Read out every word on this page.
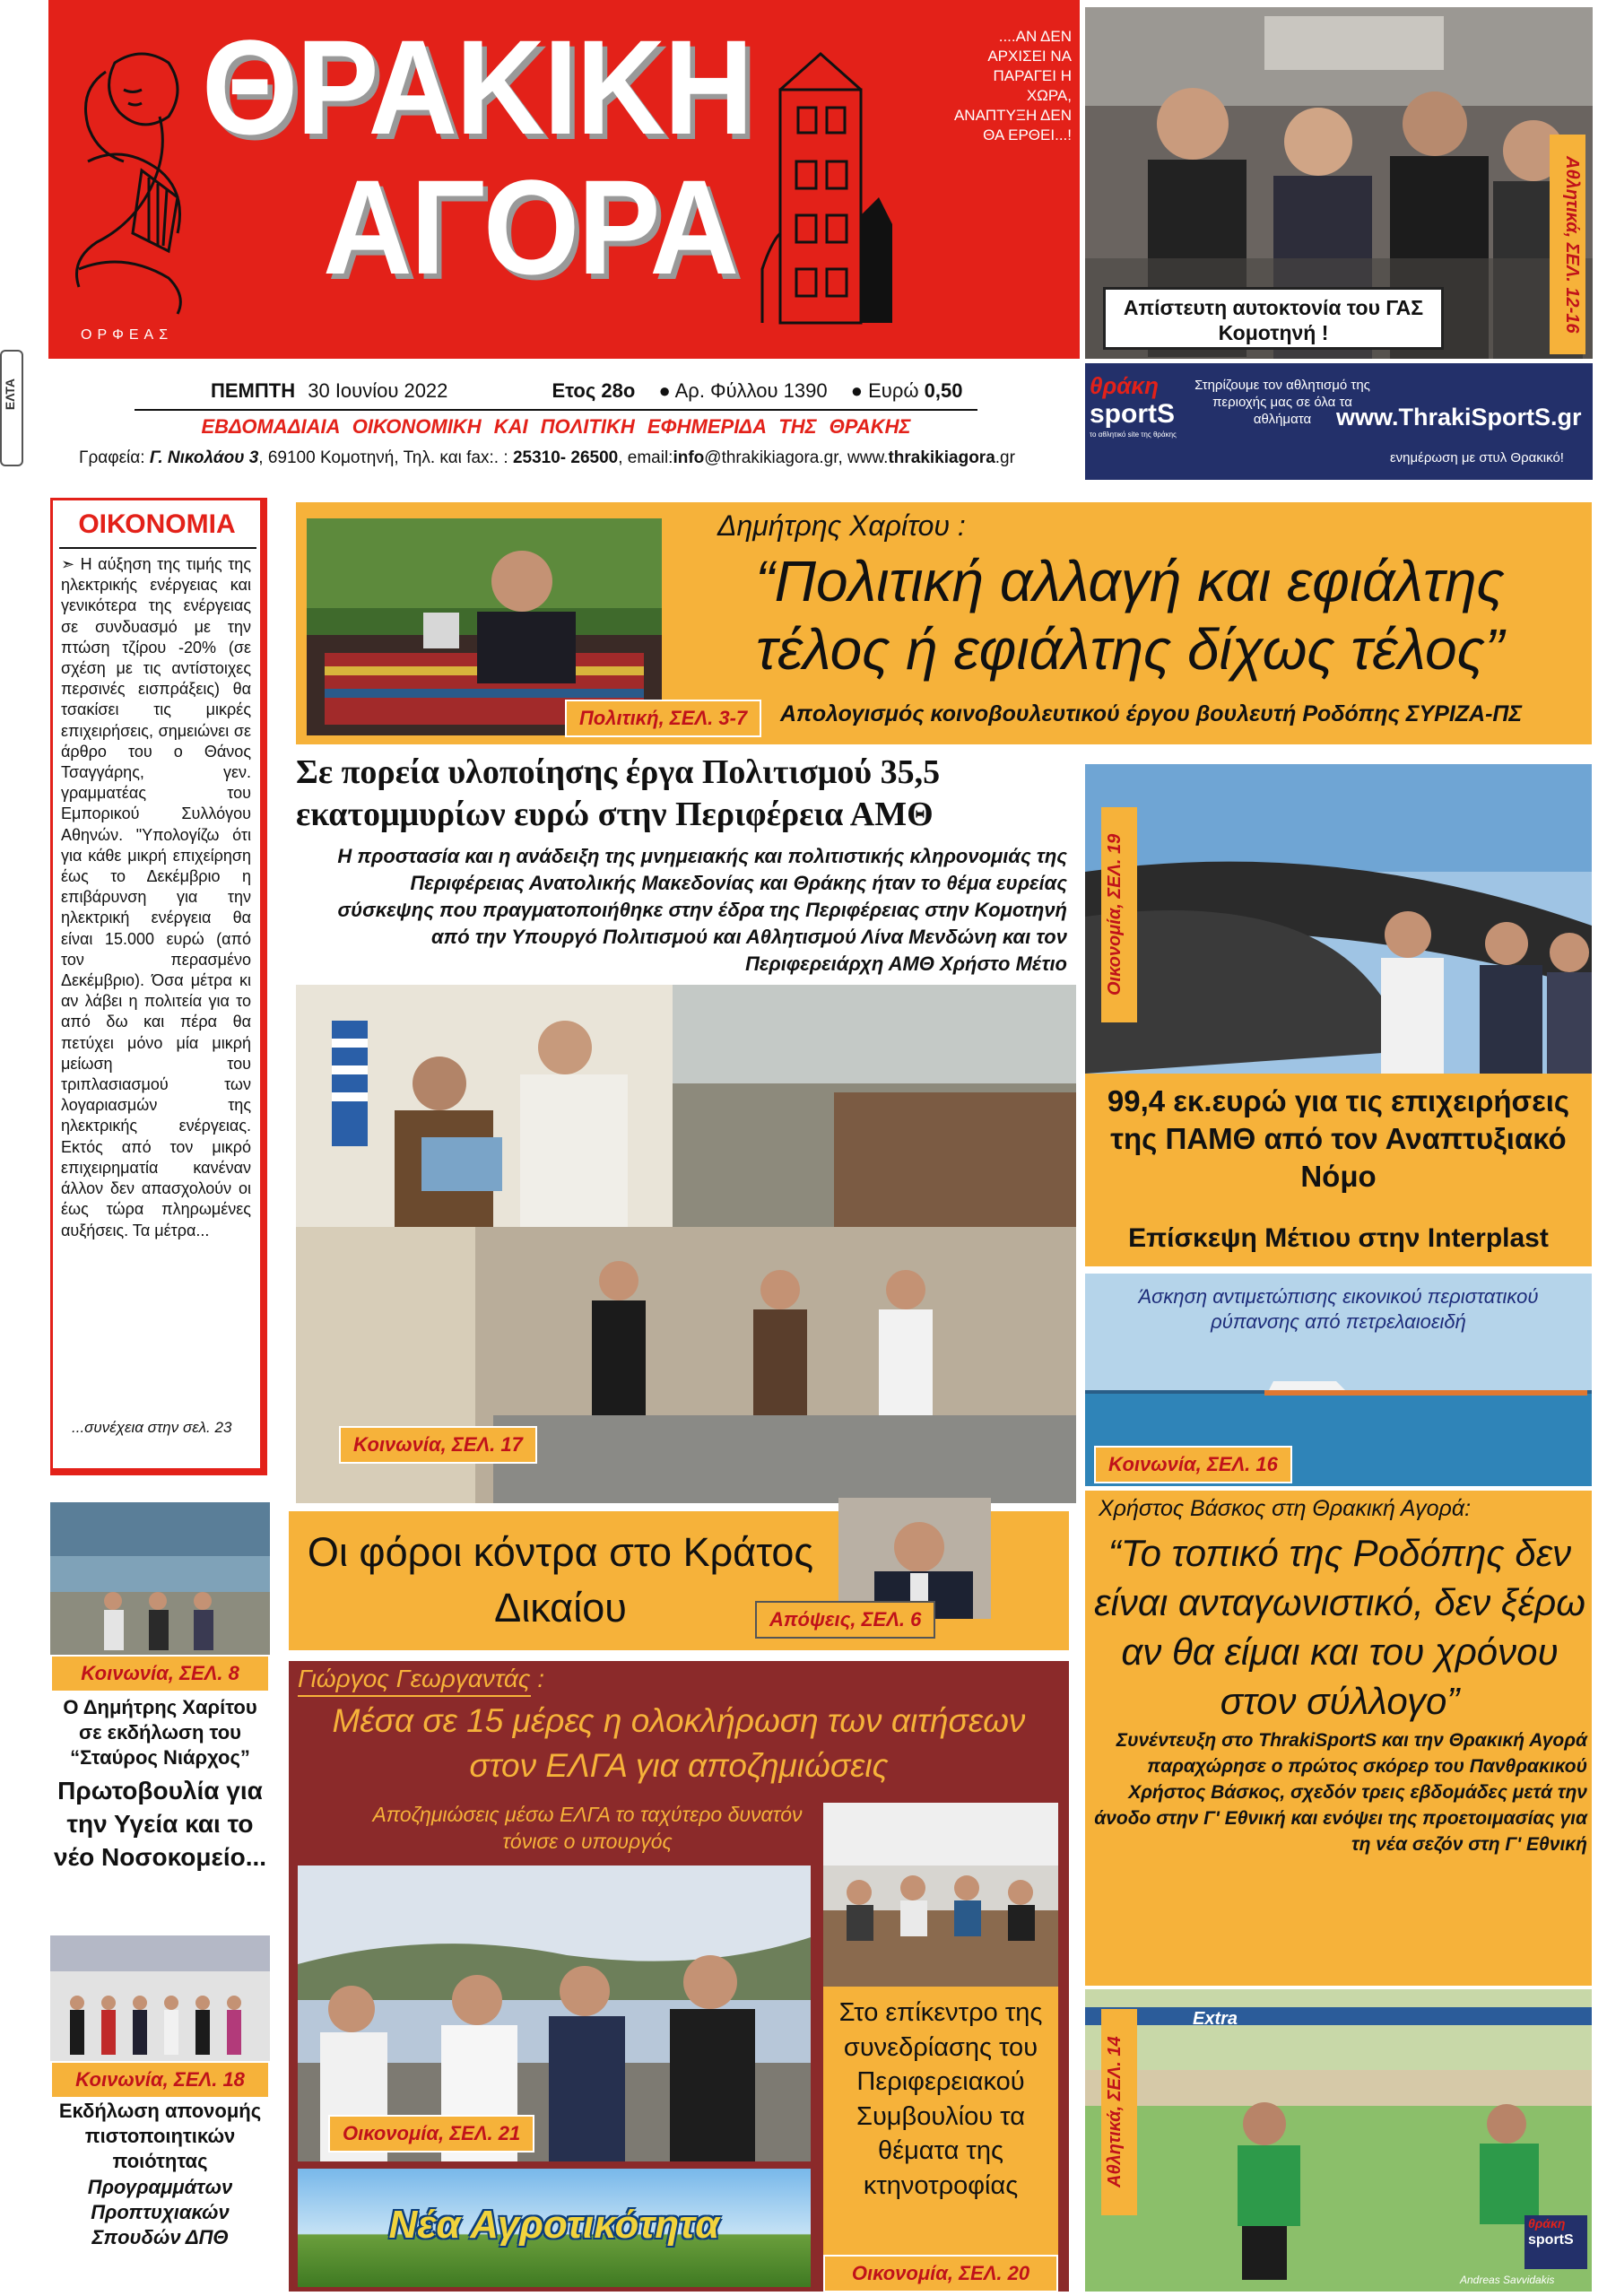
ΟΡΦΕΑΣ
ΘΡΑΚΙΚΗ
ΑΓΟΡΑ
....ΑΝ ΔΕΝ ΑΡΧΙΣΕΙ ΝΑ ΠΑΡΑΓΕΙ Η ΧΩΡΑ, ΑΝΑΠΤΥΞΗ ΔΕΝ ΘΑ ΕΡΘΕΙ...!
ΕΛΤΑ	ΠΕΜΠΤΗ 30 Ιουνίου 2022	Ετος 28ο ● Αρ. Φύλλου 1390 ● Ευρώ 0,50
ΕΒΔΟΜΑΔΙΑΙΑ ΟΙΚΟΝΟΜΙΚΗ ΚΑΙ ΠΟΛΙΤΙΚΗ ΕΦΗΜΕΡΙΔΑ ΤΗΣ ΘΡΑΚΗΣ
Γραφεία: Γ. Νικολάου 3, 69100 Κομοτηνή, Τηλ. και fax:. : 25310- 26500, email:info@thrakikiagora.gr, www.thrakikiagora.gr
Απίστευτη αυτοκτονία του ΓΑΣ Κομοτηνή !	Αθλητικά, ΣΕΛ. 12-16
θράκη
sportS
το αθλητικό site της θράκης
Στηρίζουμε τον αθλητισμό της περιοχής μας σε όλα τα αθλήματα	www.ThrakiSportS.gr
ενημέρωση με στυλ Θρακικό!
ΟΙΚΟΝΟΜΙΑ
➣ Η αύξηση της τιμής της ηλεκτρικής ενέργειας και γενικότερα της ενέργειας σε συνδυασμό με την πτώση τζίρου -20% (σε σχέση με τις αντίστοιχες περσινές εισπράξεις) θα τσακίσει τις μικρές επιχειρήσεις, σημειώνει σε άρθρο του ο Θάνος Τσαγγάρης, γεν. γραμματέας του Εμπορικού Συλλόγου Αθηνών. "Υπολογίζω ότι για κάθε μικρή επιχείρηση έως το Δεκέμβριο η επιβάρυνση για την ηλεκτρική ενέργεια θα είναι 15.000 ευρώ (από τον περασμένο Δεκέμβριο). Όσα μέτρα κι αν λάβει η πολιτεία για το από δω και πέρα θα πετύχει μόνο μία μικρή μείωση του τριπλασιασμού των λογαριασμών της ηλεκτρικής ενέργειας. Εκτός από τον μικρό επιχειρηματία κανέναν άλλον δεν απασχολούν οι έως τώρα πληρωμένες αυξήσεις. Τα μέτρα...
...συνέχεια στην σελ. 23
Πολιτική, ΣΕΛ. 3-7
Δημήτρης Χαρίτου :
“Πολιτική αλλαγή και εφιάλτης τέλος ή εφιάλτης δίχως τέλος”
Απολογισμός κοινοβουλευτικού έργου βουλευτή Ροδόπης ΣΥΡΙΖΑ-ΠΣ
Σε πορεία υλοποίησης έργα Πολιτισμού 35,5 εκατομμυρίων ευρώ στην Περιφέρεια ΑΜΘ
Η προστασία και η ανάδειξη της μνημειακής και πολιτιστικής κληρονομιάς της Περιφέρειας Ανατολικής Μακεδονίας και Θράκης ήταν το θέμα ευρείας σύσκεψης που πραγματοποιήθηκε στην έδρα της Περιφέρειας στην Κομοτηνή από την Υπουργό Πολιτισμού και Αθλητισμού Λίνα Μενδώνη και τον Περιφερειάρχη ΑΜΘ Χρήστο Μέτιο
Κοινωνία, ΣΕΛ. 17
Οικονομία, ΣΕΛ. 19
99,4 εκ.ευρώ για τις επιχειρήσεις της ΠΑΜΘ από τον Αναπτυξιακό Νόμο
Επίσκεψη Μέτιου στην Interplast
Άσκηση αντιμετώπισης εικονικού περιστατικού ρύπανσης από πετρελαιοειδή
Κοινωνία, ΣΕΛ. 16
Κοινωνία, ΣΕΛ. 8
Ο Δημήτρης Χαρίτου σε εκδήλωση του “Σταύρος Νιάρχος”
Πρωτοβουλία για την Υγεία και το νέο Νοσοκομείο...
Κοινωνία, ΣΕΛ. 18
Εκδήλωση απονομής πιστοποιητικών ποιότητας
Προγραμμάτων Προπτυχιακών Σπουδών ΔΠΘ
Οι φόροι κόντρα στο Κράτος Δικαίου	Απόψεις, ΣΕΛ. 6
Γιώργος Γεωργαντάς :
Μέσα σε 15 μέρες η ολοκλήρωση των αιτήσεων στον ΕΛΓΑ για αποζημιώσεις
Αποζημιώσεις μέσω ΕΛΓΑ το ταχύτερο δυνατόν τόνισε ο υπουργός
Οικονομία, ΣΕΛ. 21
Νέα Αγροτικότητα
Στο επίκεντρο της συνεδρίασης του Περιφερειακού Συμβουλίου τα θέματα της κτηνοτροφίας
Οικονομία, ΣΕΛ. 20
Χρήστος Βάσκος στη Θρακική Αγορά:
“Το τοπικό της Ροδόπης δεν είναι ανταγωνιστικό, δεν ξέρω αν θα είμαι και του χρόνου στον σύλλογο”
Συνέντευξη στο ThrakiSportS και την Θρακική Αγορά παραχώρησε ο πρώτος σκόρερ του Πανθρακικού Χρήστος Βάσκος, σχεδόν τρεις εβδομάδες μετά την άνοδο στην Γ' Εθνική και ενόψει της προετοιμασίας για τη νέα σεζόν στη Γ' Εθνική
Extra
Αθλητικά, ΣΕΛ. 14
θράκη
sportS
Andreas Savvidakis
